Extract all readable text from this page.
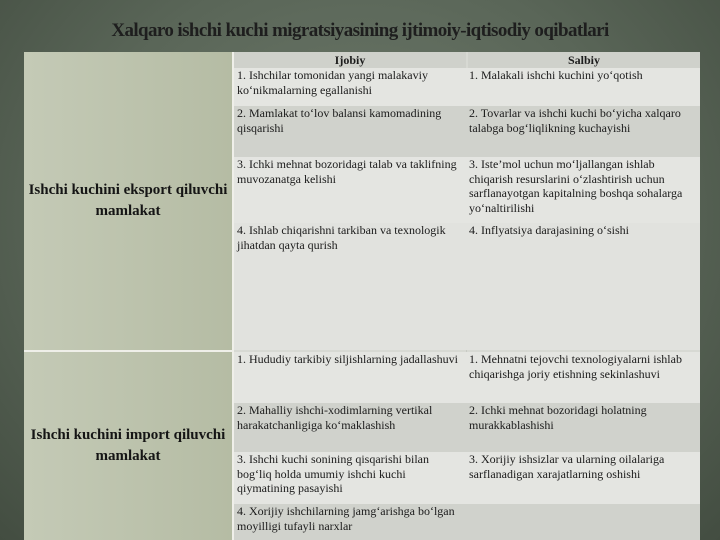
Xalqaro ishchi kuchi migratsiyasining ijtimoiy-iqtisodiy oqibatlari
Ishchi kuchini eksport qiluvchi mamlakat
Ishchi kuchini import qiluvchi mamlakat
Ijobiy	Salbiy
1. Ishchilar tomonidan yangi malakaviy ko‘nikmalarning egallanishi
1. Malakali ishchi kuchini yo‘qotish
2. Mamlakat to‘lov balansi kamomadining qisqarishi
2. Tovarlar va ishchi kuchi bo‘yicha xalqaro talabga bog‘liqlikning kuchayishi
3. Ichki mehnat bozoridagi talab va taklifning muvozanatga kelishi
3. Iste’mol uchun mo‘ljallangan ishlab chiqarish resurslarini o‘zlashtirish uchun sarflanayotgan kapitalning boshqa sohalarga yo‘naltirilishi
4. Ishlab chiqarishni tarkiban va texnologik jihatdan qayta qurish
4. Inflyatsiya darajasining o‘sishi
1. Hududiy tarkibiy siljishlarning jadallashuvi 1. Mehnatni tejovchi texnologiyalarni ishlab chiqarishga joriy etishning sekinlashuvi
2. Mahalliy ishchi-xodimlarning vertikal harakatchanligiga ko‘maklashish
2. Ichki mehnat bozoridagi holatning murakkablashishi
3. Ishchi kuchi sonining qisqarishi bilan bog‘liq holda umumiy ishchi kuchi qiymatining pasayishi
3. Xorijiy ishsizlar va ularning oilalariga sarflanadigan xarajatlarning oshishi
4. Xorijiy ishchilarning jamg‘arishga bo‘lgan moyilligi tufayli narxlar
